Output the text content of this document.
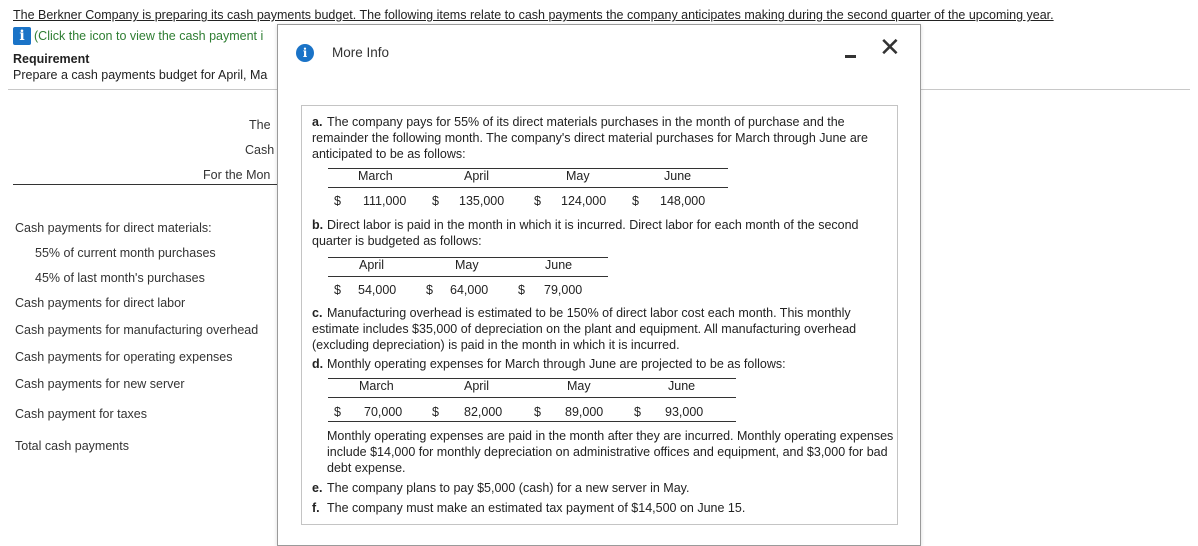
The Berkner Company is preparing its cash payments budget. The following items relate to cash payments the company anticipates making during the second quarter of the upcoming year.
i (Click the icon to view the cash payment i
Requirement
Prepare a cash payments budget for April, Ma
The
Cash
For the Mon
Cash payments for direct materials:
55% of current month purchases
45% of last month's purchases
Cash payments for direct labor
Cash payments for manufacturing overhead
Cash payments for operating expenses
Cash payments for new server
Cash payment for taxes
Total cash payments
i	More Info	✕
a. The company pays for 55% of its direct materials purchases in the month of purchase and the remainder the following month. The company's direct material purchases for March through June are anticipated to be as follows:
March	April	May	June
$ 111,000 $ 135,000 $ 124,000 $ 148,000
b. Direct labor is paid in the month in which it is incurred. Direct labor for each month of the second quarter is budgeted as follows:
April	May	June
$ 54,000 $ 64,000 $ 79,000
c. Manufacturing overhead is estimated to be 150% of direct labor cost each month. This monthly estimate includes $35,000 of depreciation on the plant and equipment. All manufacturing overhead (excluding depreciation) is paid in the month in which it is incurred.
d. Monthly operating expenses for March through June are projected to be as follows:
March	April	May	June
$ 70,000 $ 82,000	$ 89,000 $ 93,000
Monthly operating expenses are paid in the month after they are incurred. Monthly operating expenses include $14,000 for monthly depreciation on administrative offices and equipment, and $3,000 for bad debt expense.
e. The company plans to pay $5,000 (cash) for a new server in May.
f. The company must make an estimated tax payment of $14,500 on June 15.
